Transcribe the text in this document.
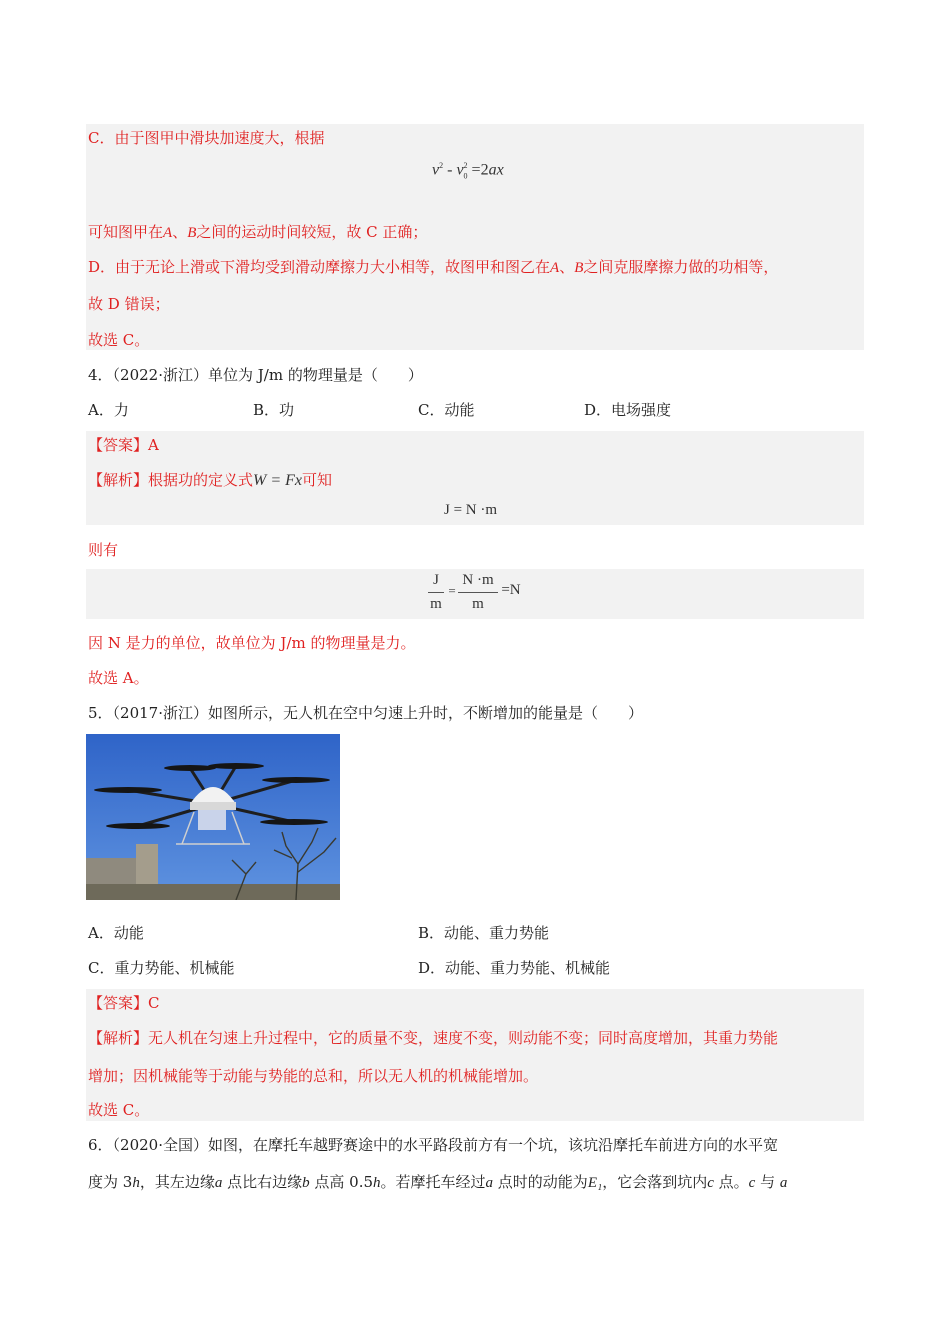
C．由于图甲中滑块加速度大，根据
$v^2 - v_0^2 =2ax$
可知图甲在A、B之间的运动时间较短，故 C 正确；
D．由于无论上滑或下滑均受到滑动摩擦力大小相等，故图甲和图乙在A、B之间克服摩擦力做的功相等，
故 D 错误；
故选 C。
4．（2022·浙江）单位为 J/m 的物理量是（　　）
A．力	B．功	C．动能	D．电场强度
【答案】A
【解析】根据功的定义式W = Fx可知
J = N ·m
则有
J
m
=
N ·m
m
=N
因 N 是力的单位，故单位为 J/m 的物理量是力。
故选 A。
5．（2017·浙江）如图所示，无人机在空中匀速上升时，不断增加的能量是（　　）
A．动能	B．动能、重力势能
C．重力势能、机械能	D．动能、重力势能、机械能
【答案】C
【解析】无人机在匀速上升过程中，它的质量不变，速度不变，则动能不变；同时高度增加，其重力势能
增加；因机械能等于动能与势能的总和，所以无人机的机械能增加。
故选 C。
6．（2020·全国）如图，在摩托车越野赛途中的水平路段前方有一个坑，该坑沿摩托车前进方向的水平宽
度为 3h，其左边缘a 点比右边缘b 点高 0.5h。若摩托车经过a 点时的动能为E₁，它会落到坑内c 点。c 与 a
